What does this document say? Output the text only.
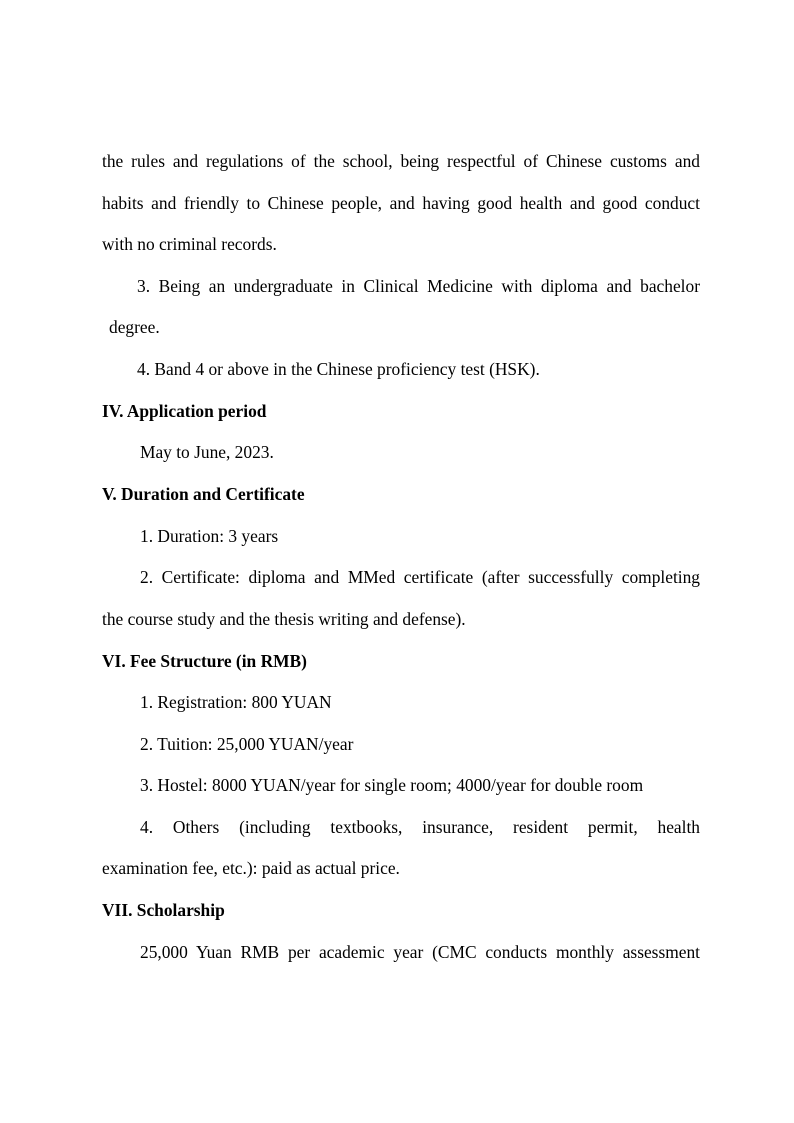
the rules and regulations of the school, being respectful of Chinese customs and
habits and friendly to Chinese people, and having good health and good conduct
with no criminal records.
3. Being an undergraduate in Clinical Medicine with diploma and bachelor
degree.
4. Band 4 or above in the Chinese proficiency test (HSK).
IV. Application period
May to June, 2023.
V. Duration and Certificate
1. Duration: 3 years
2. Certificate: diploma and MMed certificate (after successfully completing
the course study and the thesis writing and defense).
VI. Fee Structure (in RMB)
1. Registration: 800 YUAN
2. Tuition: 25,000 YUAN/year
3. Hostel: 8000 YUAN/year for single room; 4000/year for double room
4. Others (including textbooks, insurance, resident permit, health
examination fee, etc.): paid as actual price.
VII. Scholarship
25,000 Yuan RMB per academic year (CMC conducts monthly assessment
